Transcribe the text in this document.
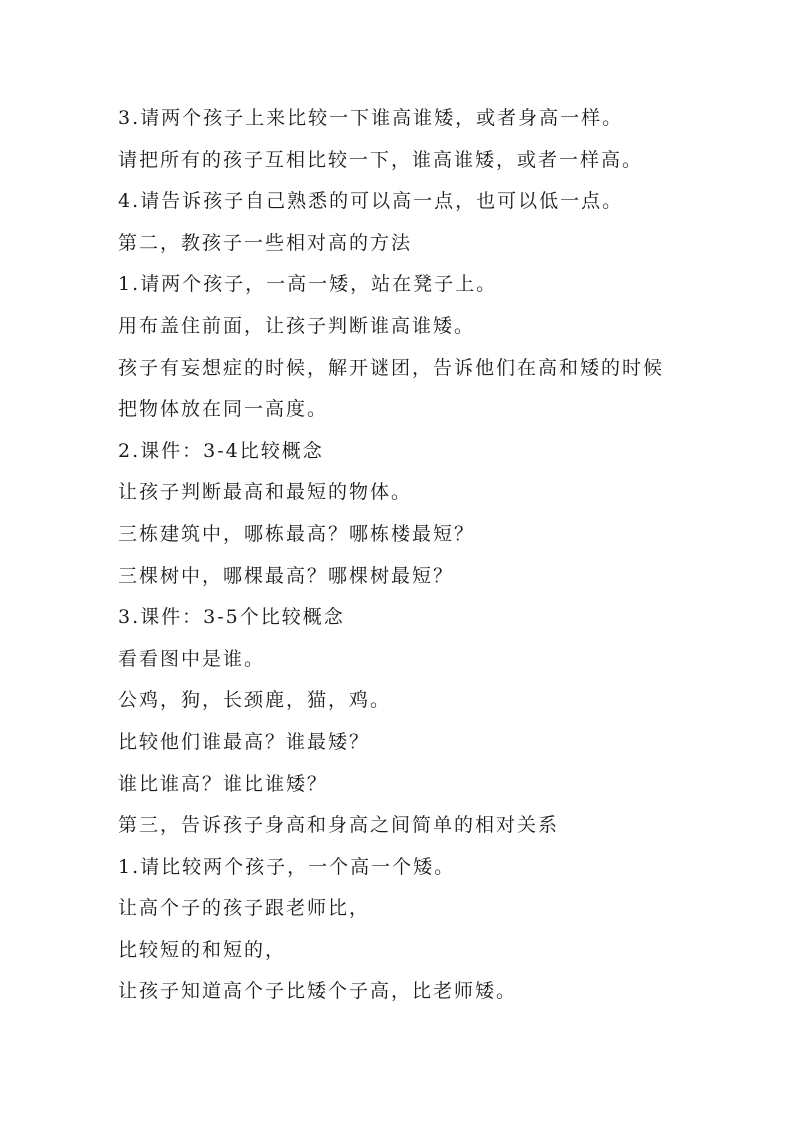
3.请两个孩子上来比较一下谁高谁矮，或者身高一样。
请把所有的孩子互相比较一下，谁高谁矮，或者一样高。
4.请告诉孩子自己熟悉的可以高一点，也可以低一点。
第二，教孩子一些相对高的方法
1.请两个孩子，一高一矮，站在凳子上。
用布盖住前面，让孩子判断谁高谁矮。
孩子有妄想症的时候，解开谜团，告诉他们在高和矮的时候
把物体放在同一高度。
2.课件：3-4比较概念
让孩子判断最高和最短的物体。
三栋建筑中，哪栋最高？哪栋楼最短？
三棵树中，哪棵最高？哪棵树最短？
3.课件：3-5个比较概念
看看图中是谁。
公鸡，狗，长颈鹿，猫，鸡。
比较他们谁最高？谁最矮？
谁比谁高？谁比谁矮？
第三，告诉孩子身高和身高之间简单的相对关系
1.请比较两个孩子，一个高一个矮。
让高个子的孩子跟老师比，
比较短的和短的，
让孩子知道高个子比矮个子高，比老师矮。
